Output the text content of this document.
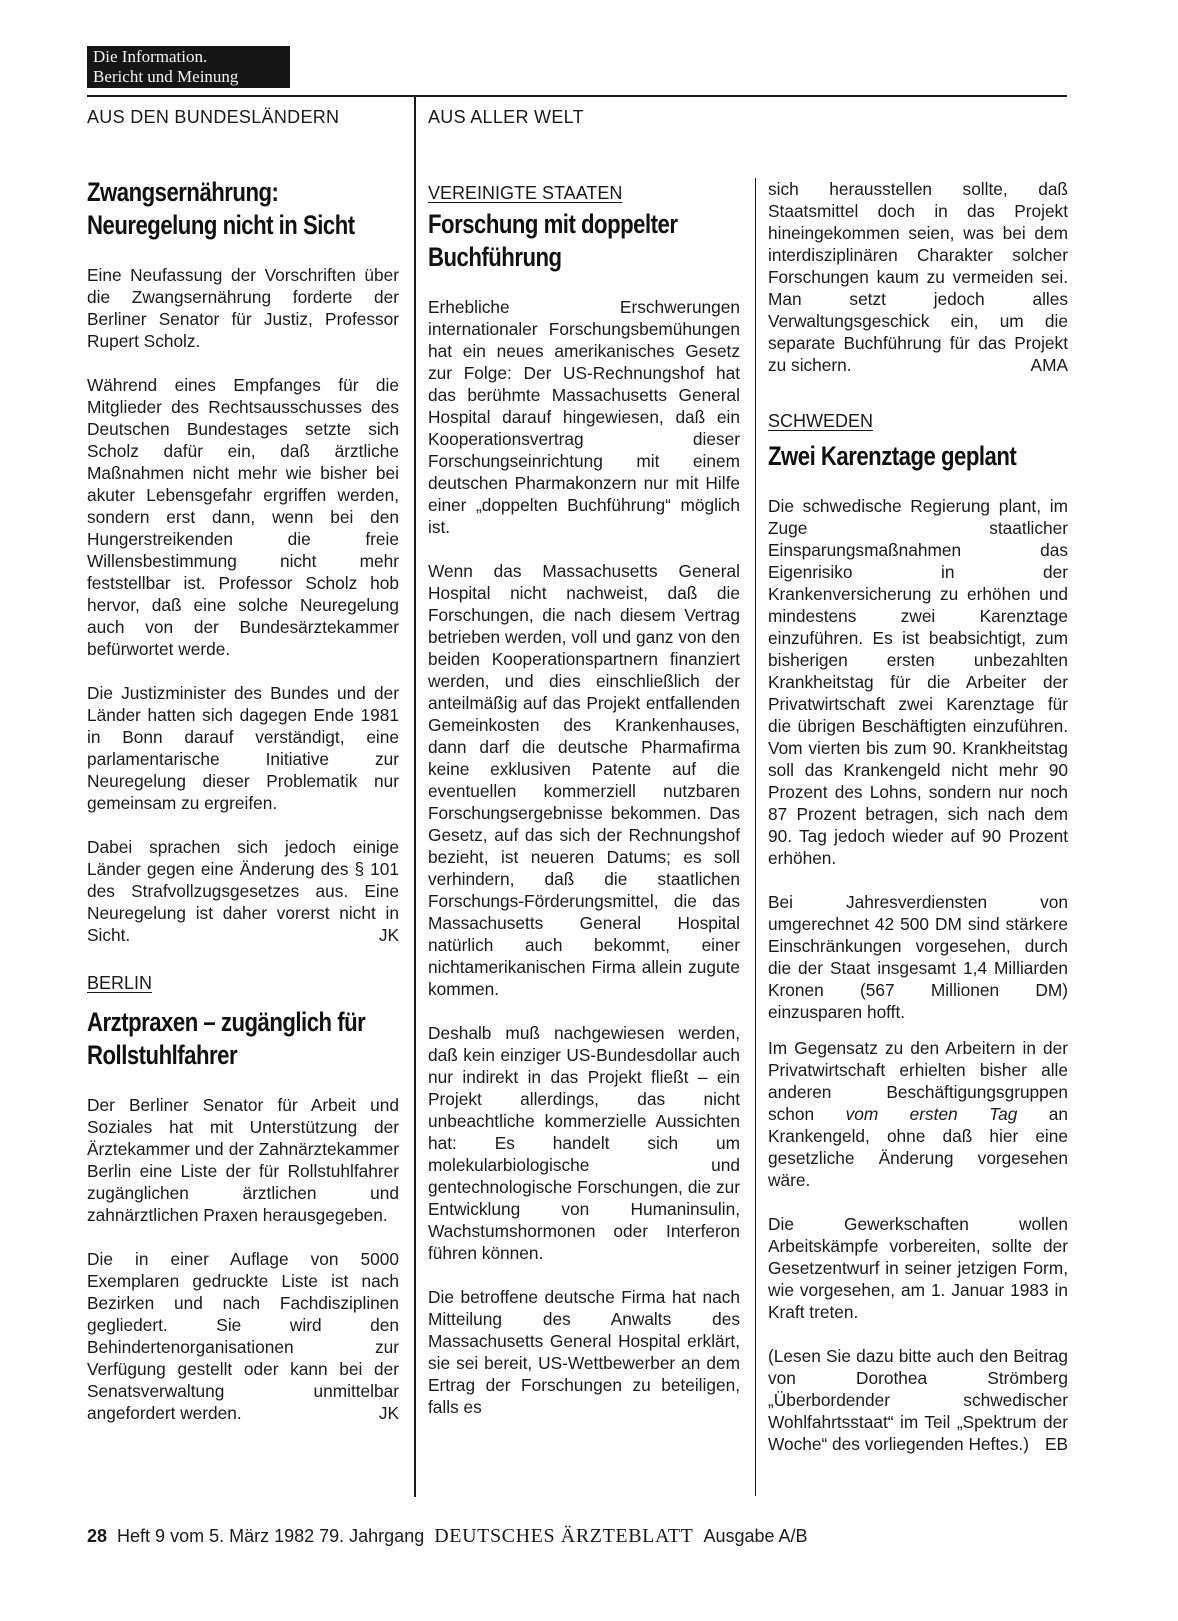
Die Information.
Bericht und Meinung
AUS DEN BUNDESLÄNDERN	AUS ALLER WELT
Zwangsernährung: Neuregelung nicht in Sicht

Eine Neufassung der Vorschriften über die Zwangsernährung forderte der Berliner Senator für Justiz, Professor Rupert Scholz.

Während eines Empfanges für die Mitglieder des Rechtsausschusses des Deutschen Bundestages setzte sich Scholz dafür ein, daß ärztliche Maßnahmen nicht mehr wie bisher bei akuter Lebensgefahr ergriffen werden, sondern erst dann, wenn bei den Hungerstreikenden die freie Willensbestimmung nicht mehr feststellbar ist. Professor Scholz hob hervor, daß eine solche Neuregelung auch von der Bundesärztekammer befürwortet werde.

Die Justizminister des Bundes und der Länder hatten sich dagegen Ende 1981 in Bonn darauf verständigt, eine parlamentarische Initiative zur Neuregelung dieser Problematik nur gemeinsam zu ergreifen.

Dabei sprachen sich jedoch einige Länder gegen eine Änderung des § 101 des Strafvollzugsgesetzes aus. Eine Neuregelung ist daher vorerst nicht in Sicht.	JK

BERLIN
Arztpraxen – zugänglich für Rollstuhlfahrer

Der Berliner Senator für Arbeit und Soziales hat mit Unterstützung der Ärztekammer und der Zahnärztekammer Berlin eine Liste der für Rollstuhlfahrer zugänglichen ärztlichen und zahnärztlichen Praxen herausgegeben.

Die in einer Auflage von 5000 Exemplaren gedruckte Liste ist nach Bezirken und nach Fachdisziplinen gegliedert. Sie wird den Behindertenorganisationen zur Verfügung gestellt oder kann bei der Senatsverwaltung unmittelbar angefordert werden.	JK

VEREINIGTE STAATEN
Forschung mit doppelter Buchführung

Erhebliche Erschwerungen internationaler Forschungsbemühungen hat ein neues amerikanisches Gesetz zur Folge: Der US-Rechnungshof hat das berühmte Massachusetts General Hospital darauf hingewiesen, daß ein Kooperationsvertrag dieser Forschungseinrichtung mit einem deutschen Pharmakonzern nur mit Hilfe einer „doppelten Buchführung“ möglich ist.

Wenn das Massachusetts General Hospital nicht nachweist, daß die Forschungen, die nach diesem Vertrag betrieben werden, voll und ganz von den beiden Kooperationspartnern finanziert werden, und dies einschließlich der anteilmäßig auf das Projekt entfallenden Gemeinkosten des Krankenhauses, dann darf die deutsche Pharmafirma keine exklusiven Patente auf die eventuellen kommerziell nutzbaren Forschungsergebnisse bekommen. Das Gesetz, auf das sich der Rechnungshof bezieht, ist neueren Datums; es soll verhindern, daß die staatlichen Forschungs-Förderungsmittel, die das Massachusetts General Hospital natürlich auch bekommt, einer nichtamerikanischen Firma allein zugute kommen.

Deshalb muß nachgewiesen werden, daß kein einziger US-Bundesdollar auch nur indirekt in das Projekt fließt – ein Projekt allerdings, das nicht unbeachtliche kommerzielle Aussichten hat: Es handelt sich um molekularbiologische und gentechnologische Forschungen, die zur Entwicklung von Humaninsulin, Wachstumshormonen oder Interferon führen können.

Die betroffene deutsche Firma hat nach Mitteilung des Anwalts des Massachusetts General Hospital erklärt, sie sei bereit, US-Wettbewerber an dem Ertrag der Forschungen zu beteiligen, falls es

sich herausstellen sollte, daß Staatsmittel doch in das Projekt hineingekommen seien, was bei dem interdisziplinären Charakter solcher Forschungen kaum zu vermeiden sei. Man setzt jedoch alles Verwaltungsgeschick ein, um die separate Buchführung für das Projekt zu sichern.	AMA

SCHWEDEN
Zwei Karenztage geplant

Die schwedische Regierung plant, im Zuge staatlicher Einsparungsmaßnahmen das Eigenrisiko in der Krankenversicherung zu erhöhen und mindestens zwei Karenztage einzuführen. Es ist beabsichtigt, zum bisherigen ersten unbezahlten Krankheitstag für die Arbeiter der Privatwirtschaft zwei Karenztage für die übrigen Beschäftigten einzuführen. Vom vierten bis zum 90. Krankheitstag soll das Krankengeld nicht mehr 90 Prozent des Lohns, sondern nur noch 87 Prozent betragen, sich nach dem 90. Tag jedoch wieder auf 90 Prozent erhöhen.

Bei Jahresverdiensten von umgerechnet 42 500 DM sind stärkere Einschränkungen vorgesehen, durch die der Staat insgesamt 1,4 Milliarden Kronen (567 Millionen DM) einzusparen hofft.

Im Gegensatz zu den Arbeitern in der Privatwirtschaft erhielten bisher alle anderen Beschäftigungsgruppen schon vom ersten Tag an Krankengeld, ohne daß hier eine gesetzliche Änderung vorgesehen wäre.

Die Gewerkschaften wollen Arbeitskämpfe vorbereiten, sollte der Gesetzentwurf in seiner jetzigen Form, wie vorgesehen, am 1. Januar 1983 in Kraft treten.

(Lesen Sie dazu bitte auch den Beitrag von Dorothea Strömberg „Überbordender schwedischer Wohlfahrtsstaat“ im Teil „Spektrum der Woche“ des vorliegenden Heftes.) EB

28 Heft 9 vom 5. März 1982 79. Jahrgang DEUTSCHES ÄRZTEBLATT Ausgabe A/B
